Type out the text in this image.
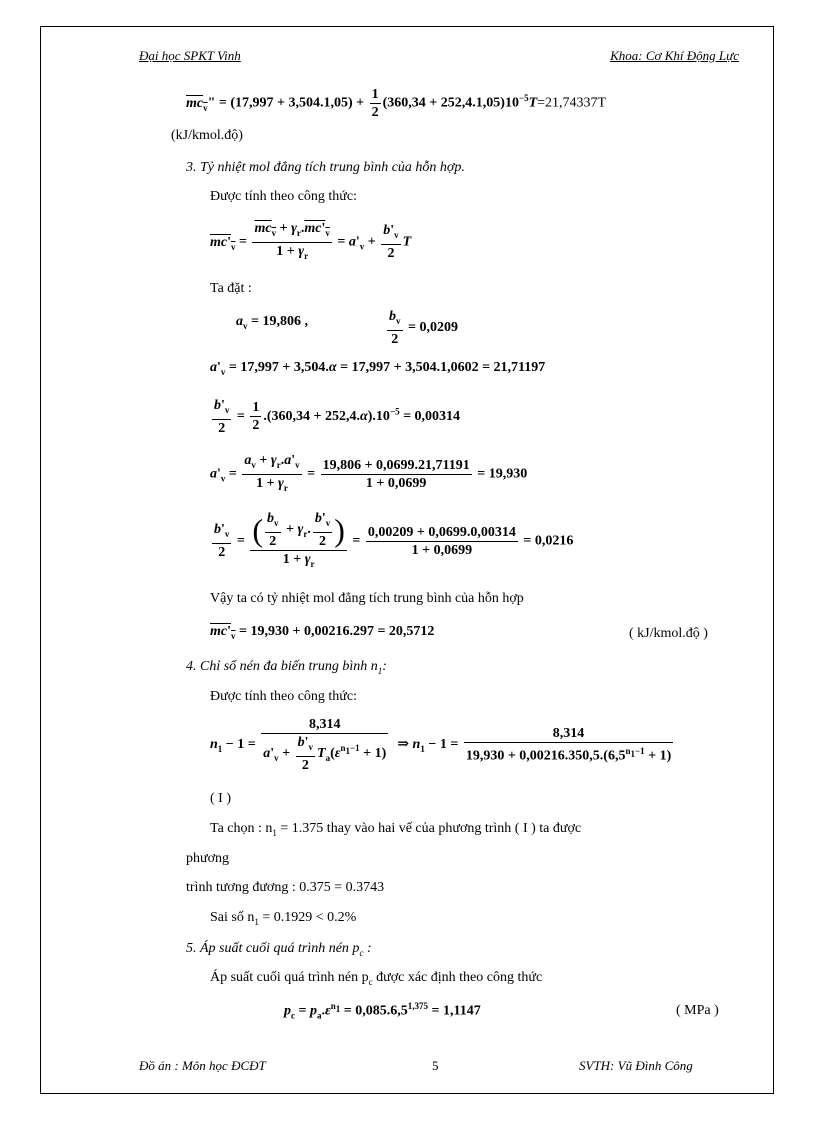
Đại học SPKT Vinh	Khoa: Cơ Khí Động Lực
$mc_v$" = $(17,997 + 3,504.1,05) + \frac{1}{2} (360,34 + 252,4.1,05)10^{-5}T=21,74337T$
(kJ/kmol.độ)
3. Tỷ nhiệt mol đẳng tích trung bình của hỗn hợp.
Được tính theo công thức:
$mc'_v = \frac{mc_v + \gamma_r.mc'_v}{1 + \gamma_r} = a'_v + \frac{b'_v}{2}$ T
Ta đặt :
$a_v = 19,806$ ,	$\frac{b_v}{2} = 0,0209$
$a'_v = 17,997 + 3,504.\alpha = 17,997 + 3,504.1,0602 = 21,71197$
$\frac{b'_v}{2} = \frac{1}{2} .(360,34 + 252,4.\alpha).10^{-5} = 0,00314$
$a'_v = \frac{a_v + \gamma_r.a'_v}{1 + \gamma_r} = \frac{19,806 + 0,0699.21,71191}{1 + 0,0699} = 19,930$
$\frac{b'_v}{2} = \frac{( \frac{b_v}{2} + \gamma_r. \frac{b'_v}{2} )}{1 + \gamma_r} = \frac{0,00209 + 0,0699.0,00314}{1 + 0,0699} = 0,0216$
Vậy ta có tỷ nhiệt mol đẳng tích trung bình của hỗn hợp
$mc'_v = 19,930 + 0,00216.297 = 20,5712$	( kJ/kmol.độ )
4. Chỉ số nén đa biến trung bình $n_1$:
Được tính theo công thức:
$n_1 - 1 = \frac{8,314}{a'_v + \frac{b'_v}{2} T_a(\varepsilon^{n_1-1} + 1)}$ ⇒ $n_1 - 1 = \frac{8,314}{19,930 + 0,00216.350,5.(6,5^{n_1-1} + 1)}$
( I )
Ta chọn : $n_1 = 1.375$ thay vào hai vế của phương trình ( I ) ta được
phương
trình tương đương : 0.375 = 0.3743
Sai số $n_1 = 0.1929 < 0.2\%$
5. Áp suất cuối quá trình nén $p_c$ :
Áp suất cuối quá trình nén $p_c$ được xác định theo công thức
$p_c = p_a.\varepsilon^{n_1} = 0,085.6,5^{1,375} = 1,1147$	( MPa )
Đồ án : Môn học ĐCĐT	5	SVTH: Vũ Đình Công
